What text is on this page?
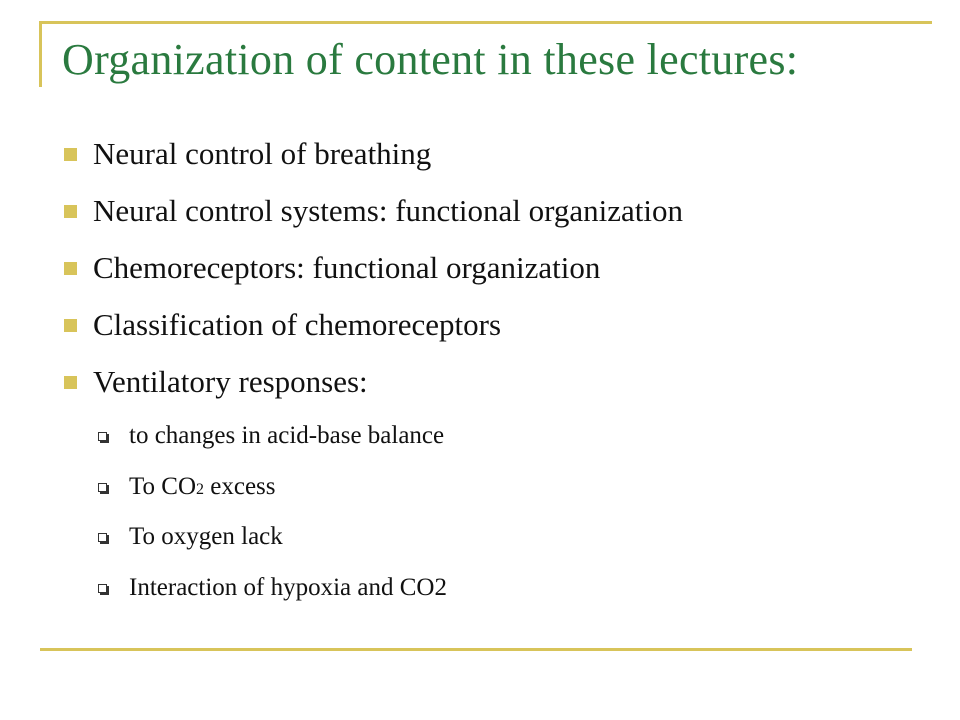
Organization of content in these lectures:
Neural control of breathing
Neural control systems: functional organization
Chemoreceptors: functional organization
Classification of chemoreceptors
Ventilatory responses:
to changes in acid-base balance
To CO2 excess
To oxygen lack
Interaction of hypoxia and CO2
